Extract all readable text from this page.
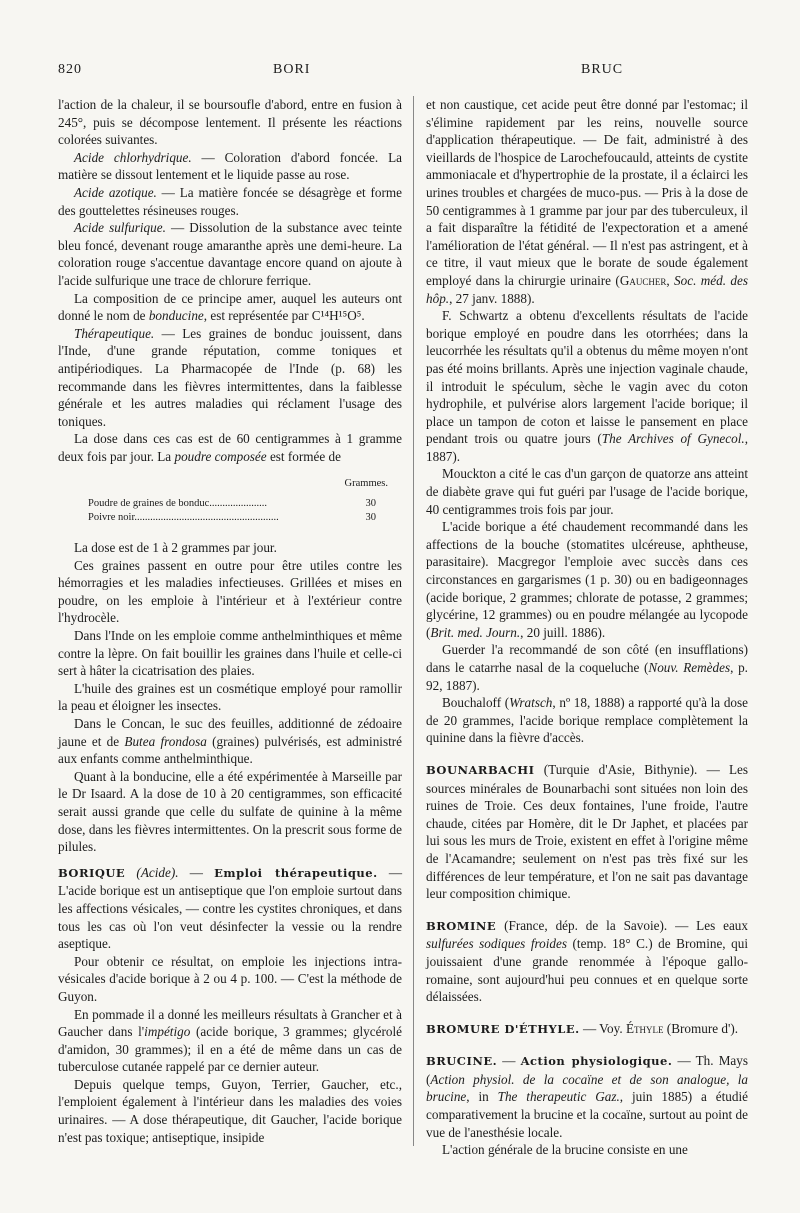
820	BORI	BRUC

l'action de la chaleur, il se boursoufle d'abord, entre en fusion à 245°, puis se décompose lentement. Il présente les réactions colorées suivantes.

Acide chlorhydrique. — Coloration d'abord foncée. La matière se dissout lentement et le liquide passe au rose.

Acide azotique. — La matière foncée se désagrège et forme des gouttelettes résineuses rouges.

Acide sulfurique. — Dissolution de la substance avec teinte bleu foncé, devenant rouge amaranthe après une demi-heure. La coloration rouge s'accentue davantage encore quand on ajoute à l'acide sulfurique une trace de chlorure ferrique.

La composition de ce principe amer, auquel les auteurs ont donné le nom de bonducine, est représentée par C¹⁴H¹⁵O⁵.

Thérapeutique. — Les graines de bonduc jouissent, dans l'Inde, d'une grande réputation, comme toniques et antipériodiques. La Pharmacopée de l'Inde (p. 68) les recommande dans les fièvres intermittentes, dans la faiblesse générale et les autres maladies qui réclament l'usage des toniques.

La dose dans ces cas est de 60 centigrammes à 1 gramme deux fois par jour. La poudre composée est formée de

Grammes.
Poudre de graines de bonduc......................	30
Poivre noir.......................................................	30

La dose est de 1 à 2 grammes par jour.

Ces graines passent en outre pour être utiles contre les hémorragies et les maladies infectieuses. Grillées et mises en poudre, on les emploie à l'intérieur et à l'extérieur contre l'hydrocèle.

Dans l'Inde on les emploie comme anthelminthiques et même contre la lèpre. On fait bouillir les graines dans l'huile et celle-ci sert à hâter la cicatrisation des plaies.

L'huile des graines est un cosmétique employé pour ramollir la peau et éloigner les insectes.

Dans le Concan, le suc des feuilles, additionné de zédoaire jaune et de Butea frondosa (graines) pulvérisés, est administré aux enfants comme anthelminthique.

Quant à la bonducine, elle a été expérimentée à Marseille par le Dr Isaard. A la dose de 10 à 20 centigrammes, son efficacité serait aussi grande que celle du sulfate de quinine à la même dose, dans les fièvres intermittentes. On la prescrit sous forme de pilules.

BORIQUE (Acide). — Emploi thérapeutique. — L'acide borique est un antiseptique que l'on emploie surtout dans les affections vésicales, — contre les cystites chroniques, et dans tous les cas où l'on veut désinfecter la vessie ou la rendre aseptique.

Pour obtenir ce résultat, on emploie les injections intra-vésicales d'acide borique à 2 ou 4 p. 100. — C'est la méthode de Guyon.

En pommade il a donné les meilleurs résultats à Grancher et à Gaucher dans l'impétigo (acide borique, 3 grammes; glycérolé d'amidon, 30 grammes); il en a été de même dans un cas de tuberculose cutanée rappelé par ce dernier auteur.

Depuis quelque temps, Guyon, Terrier, Gaucher, etc., l'emploient également à l'intérieur dans les maladies des voies urinaires. — A dose thérapeutique, dit Gaucher, l'acide borique n'est pas toxique; antiseptique, insipide

et non caustique, cet acide peut être donné par l'estomac; il s'élimine rapidement par les reins, nouvelle source d'application thérapeutique. — De fait, administré à des vieillards de l'hospice de Larochefoucauld, atteints de cystite ammoniacale et d'hypertrophie de la prostate, il a éclairci les urines troubles et chargées de muco-pus. — Pris à la dose de 50 centigrammes à 1 gramme par jour par des tuberculeux, il a fait disparaître la fétidité de l'expectoration et a amené l'amélioration de l'état général. — Il n'est pas astringent, et à ce titre, il vaut mieux que le borate de soude également employé dans la chirurgie urinaire (Gaucher, Soc. méd. des hôp., 27 janv. 1888).

F. Schwartz a obtenu d'excellents résultats de l'acide borique employé en poudre dans les otorrhées; dans la leucorrhée les résultats qu'il a obtenus du même moyen n'ont pas été moins brillants. Après une injection vaginale chaude, il introduit le spéculum, sèche le vagin avec du coton hydrophile, et pulvérise alors largement l'acide borique; il place un tampon de coton et laisse le pansement en place pendant trois ou quatre jours (The Archives of Gynecol., 1887).

Mouckton a cité le cas d'un garçon de quatorze ans atteint de diabète grave qui fut guéri par l'usage de l'acide borique, 40 centigrammes trois fois par jour.

L'acide borique a été chaudement recommandé dans les affections de la bouche (stomatites ulcéreuse, aphtheuse, parasitaire). Macgregor l'emploie avec succès dans ces circonstances en gargarismes (1 p. 30) ou en badigeonnages (acide borique, 2 grammes; chlorate de potasse, 2 grammes; glycérine, 12 grammes) ou en poudre mélangée au lycopode (Brit. med. Journ., 20 juill. 1886).

Guerder l'a recommandé de son côté (en insufflations) dans le catarrhe nasal de la coqueluche (Nouv. Remèdes, p. 92, 1887).

Bouchaloff (Wratsch, nº 18, 1888) a rapporté qu'à la dose de 20 grammes, l'acide borique remplace complètement la quinine dans la fièvre d'accès.

BOUNARBACHI (Turquie d'Asie, Bithynie). — Les sources minérales de Bounarbachi sont situées non loin des ruines de Troie. Ces deux fontaines, l'une froide, l'autre chaude, citées par Homère, dit le Dr Japhet, et placées par lui sous les murs de Troie, existent en effet à l'origine même de l'Acamandre; seulement on n'est pas très fixé sur les différences de leur température, et l'on ne sait pas davantage leur composition chimique.

BROMINE (France, dép. de la Savoie). — Les eaux sulfurées sodiques froides (temp. 18° C.) de Bromine, qui jouissaient d'une grande renommée à l'époque gallo-romaine, sont aujourd'hui peu connues et en quelque sorte délaissées.

BROMURE D'ÉTHYLE. — Voy. Éthyle (Bromure d').

BRUCINE. — Action physiologique. — Th. Mays (Action physiol. de la cocaïne et de son analogue, la brucine, in The therapeutic Gaz., juin 1885) a étudié comparativement la brucine et la cocaïne, surtout au point de vue de l'anesthésie locale.

L'action générale de la brucine consiste en une
